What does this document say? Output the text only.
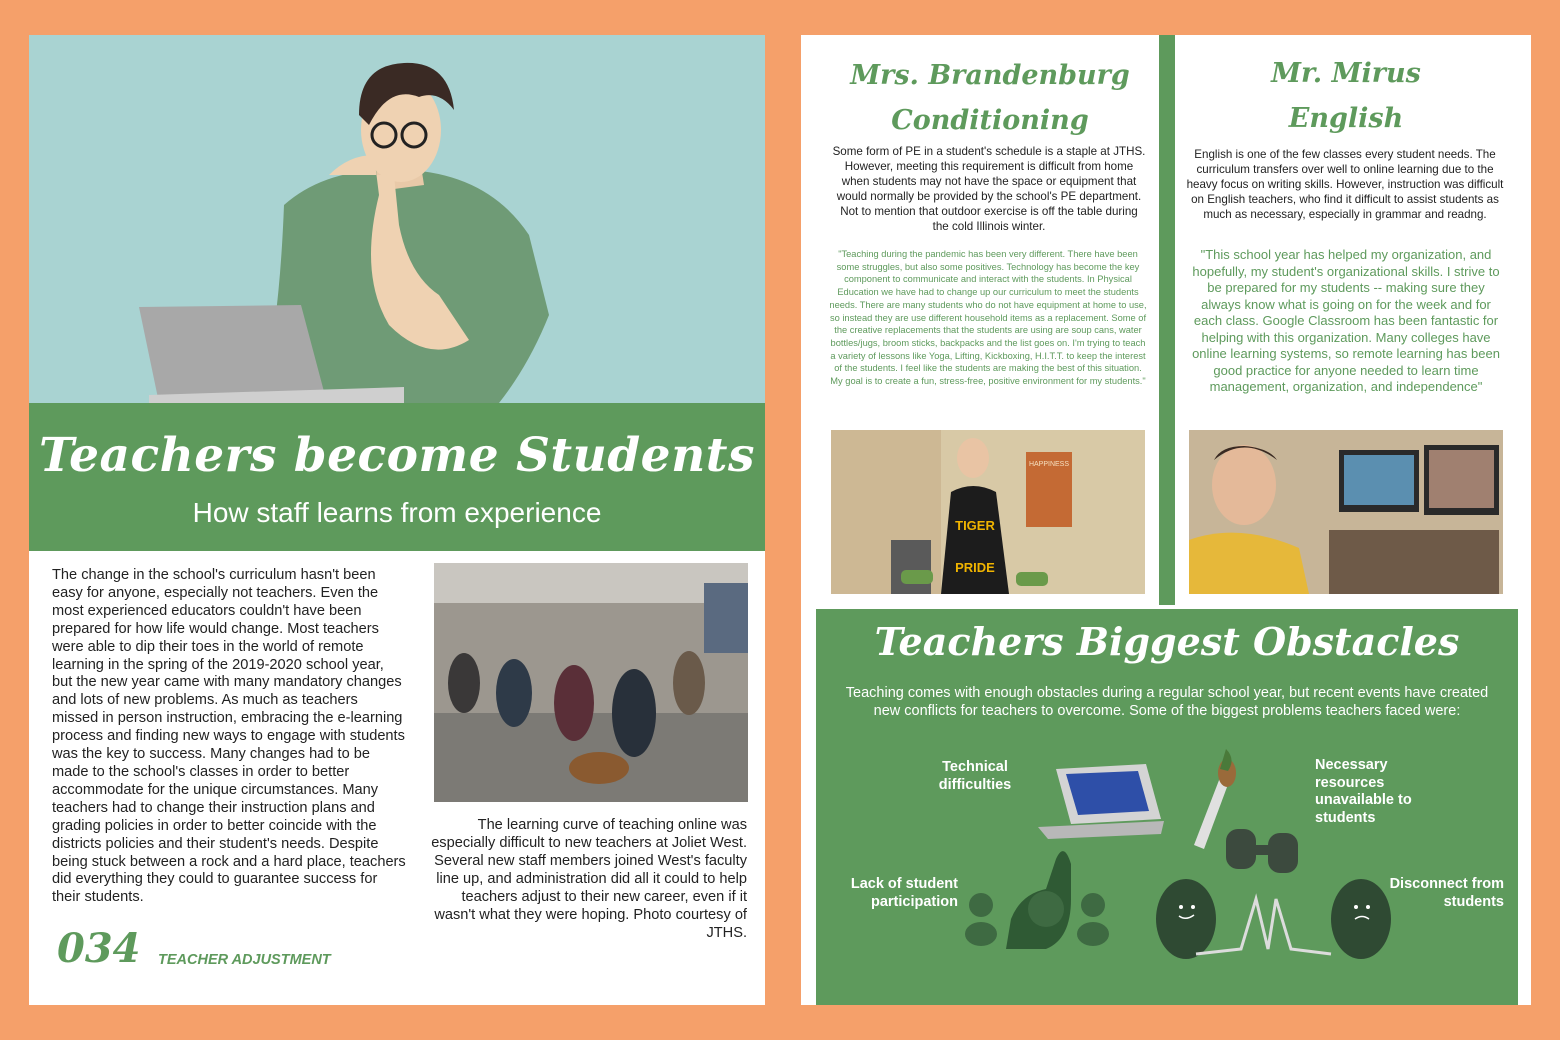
Teachers become Students
How staff learns from experience
The change in the school's curriculum hasn't been easy for anyone, especially not teachers. Even the most experienced educators couldn't have been prepared for how life would change. Most teachers were able to dip their toes in the world of remote learning in the spring of the 2019-2020 school year, but the new year came with many mandatory changes and lots of new problems. As much as teachers missed in person instruction, embracing the e-learning process and finding new ways to engage with students was the key to success. Many changes had to be made to the school's classes in order to better accommodate for the unique circumstances. Many teachers had to change their instruction plans and grading policies in order to better coincide with the districts policies and their student's needs. Despite being stuck between a rock and a hard place, teachers did everything they could to guarantee success for their students.
The learning curve of teaching online was especially difficult to new teachers at Joliet West. Several new staff members joined West's faculty line up, and administration did all it could to help teachers adjust to their new career, even if it wasn't what they were hoping. Photo courtesy of JTHS.
034 TEACHER ADJUSTMENT
Mrs. Brandenburg
Conditioning
Some form of PE in a student's schedule is a staple at JTHS. However, meeting this requirement is difficult from home when students may not have the space or equipment that would normally be provided by the school's PE department. Not to mention that outdoor exercise is off the table during the cold Illinois winter.
"Teaching during the pandemic has been very different. There have been some struggles, but also some positives. Technology has become the key component to communicate and interact with the students. In Physical Education we have had to change up our curriculum to meet the students needs. There are many students who do not have equipment at home to use, so instead they are use different household items as a replacement. Some of the creative replacements that the students are using are soup cans, water bottles/jugs, broom sticks, backpacks and the list goes on. I'm trying to teach a variety of lessons like Yoga, Lifting, Kickboxing, H.I.T.T. to keep the interest of the students. I feel like the students are making the best of this situation. My goal is to create a fun, stress-free, positive environment for my students."
HAPPINESS
TIGER
PRIDE
Mr. Mirus
English
English is one of the few classes every student needs. The curriculum transfers over well to online learning due to the heavy focus on writing skills. However, instruction was difficult on English teachers, who find it difficult to assist students as much as necessary, especially in grammar and readng.
"This school year has helped my organization, and hopefully, my student's organizational skills. I strive to be prepared for my students -- making sure they always know what is going on for the week and for each class. Google Classroom has been fantastic for helping with this organization. Many colleges have online learning systems, so remote learning has been good practice for anyone needed to learn time management, organization, and independence"
Teachers Biggest Obstacles
Teaching comes with enough obstacles during a regular school year, but recent events have created new conflicts for teachers to overcome. Some of the biggest problems teachers faced were:
Technical difficulties
Necessary resources unavailable to students
Lack of student participation
Disconnect from students
